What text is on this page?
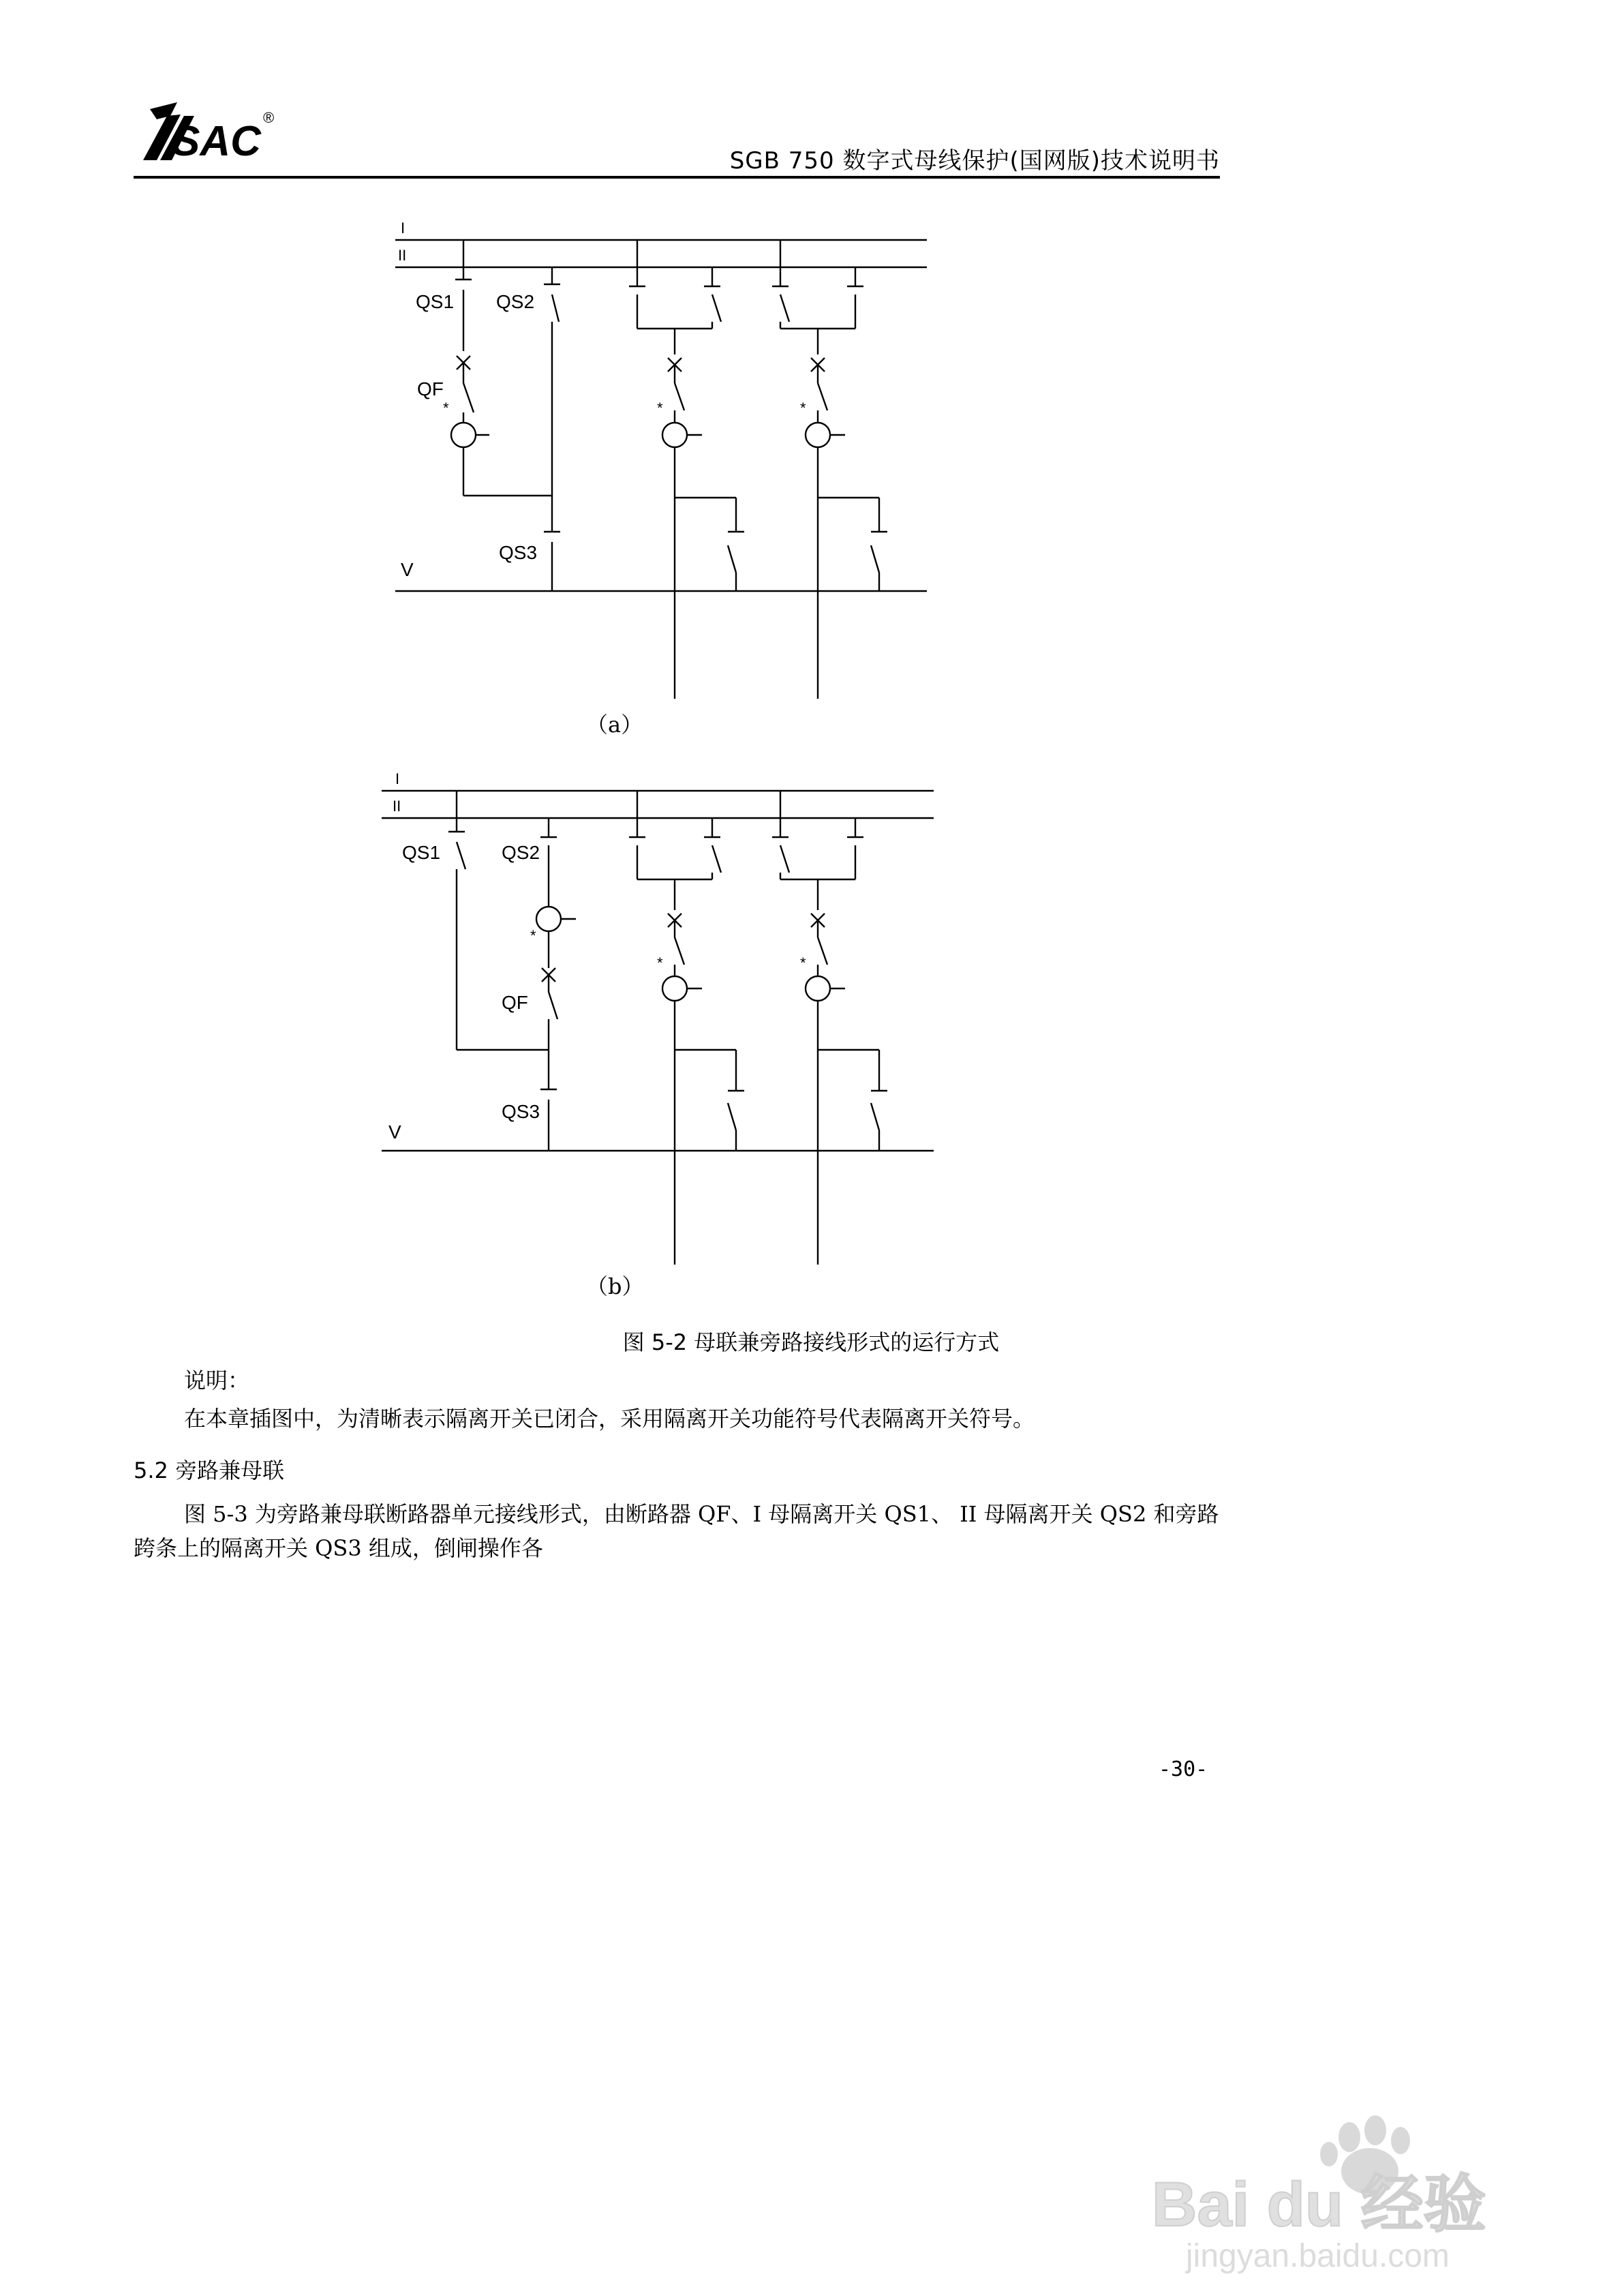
SAC
®
SGB 750 数字式母线保护(国网版)技术说明书
I
II
V
QS1 QS2
QF
*
QS3
*	*
（a）
I
II
V
QS1	QS2
*
QF
QS3
*	*
（b）
图 5-2 母联兼旁路接线形式的运行方式
说明：
在本章插图中，为清晰表示隔离开关已闭合，采用隔离开关功能符号代表隔离开关符号。
5.2 旁路兼母联
图 5-3 为旁路兼母联断路器单元接线形式，由断路器 QF、I 母隔离开关 QS1、 II 母隔离开关 QS2 和旁路跨条上的隔离开关 QS3 组成，倒闸操作各
-30-
Bai du 经验
jingyan.baidu.com
